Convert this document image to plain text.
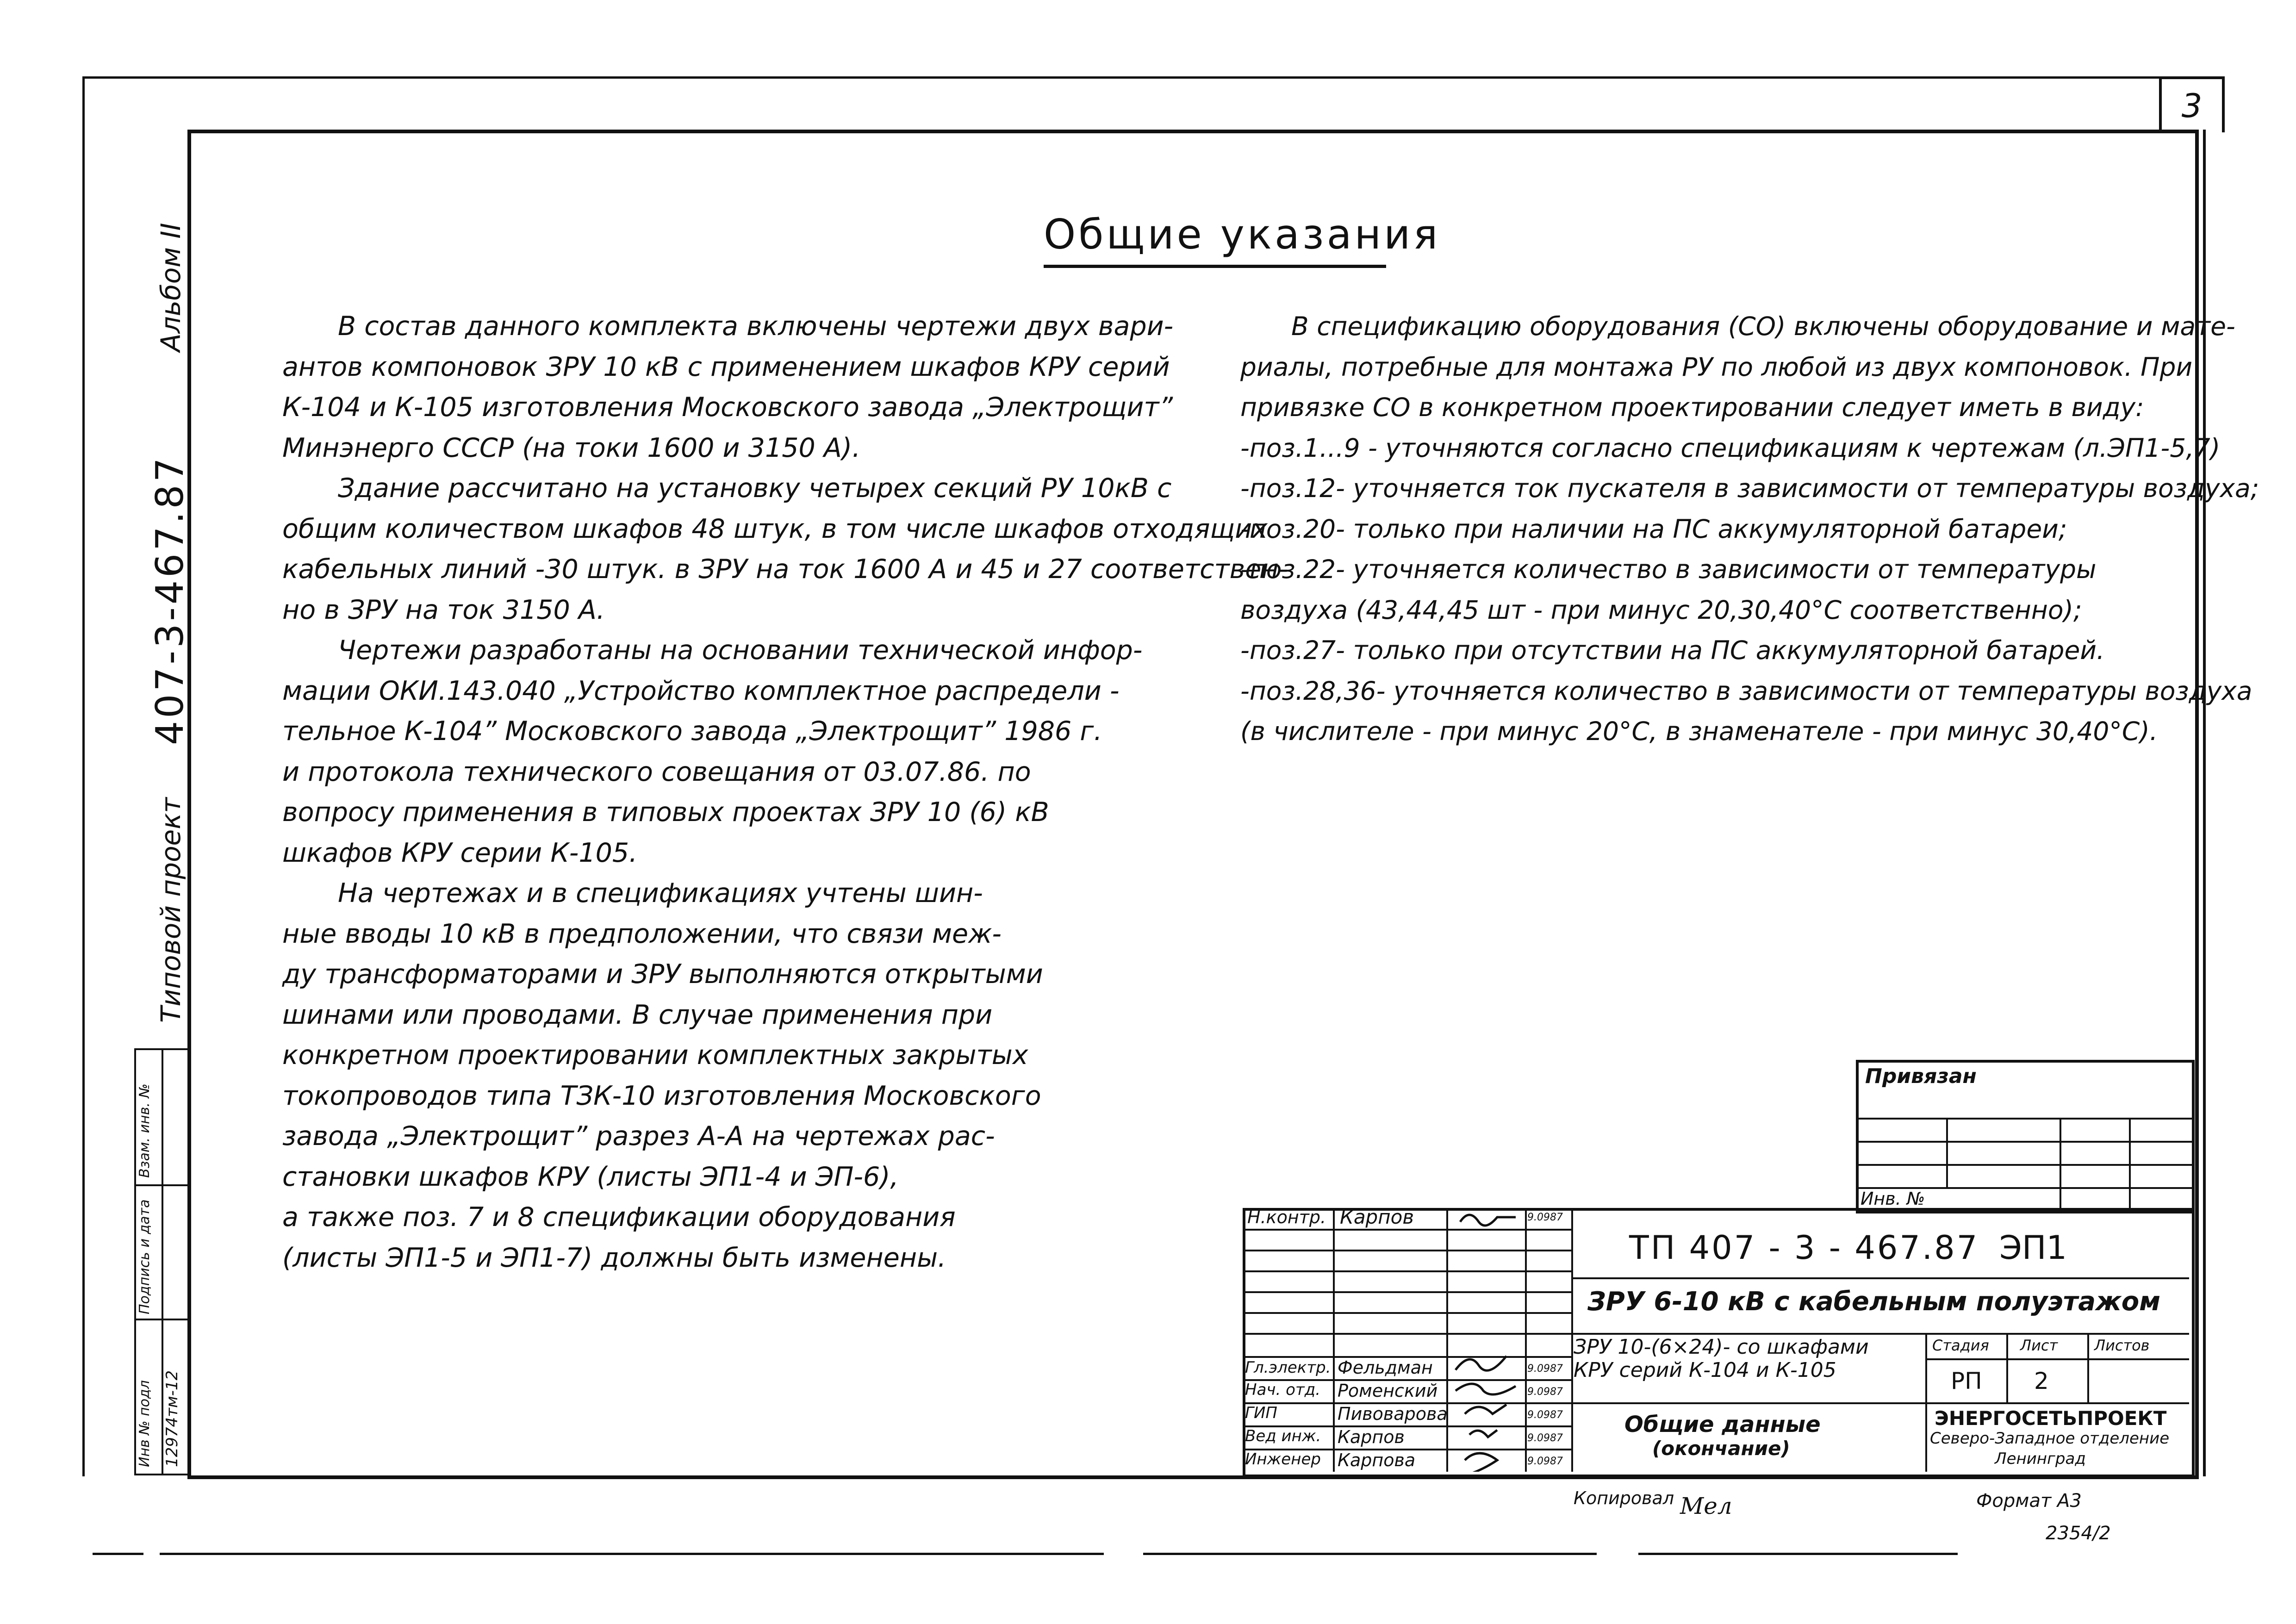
3
Альбом II
407-3-467.87
Типовой проект
Взам. инв. №
Подпись и дата
Инв № подл 12974тм-12
Общие указания

В состав данного комплекта включены чертежи двух вари-

антов компоновок ЗРУ 10 кВ с применением шкафов КРУ серий

К-104 и К-105 изготовления Московского завода „Электрощит”

Минэнерго СССР (на токи 1600 и 3150 А).

Здание рассчитано на установку четырех секций РУ 10кВ с

общим количеством шкафов 48 штук, в том числе шкафов отходящих

кабельных линий -30 штук. в ЗРУ на ток 1600 А и 45 и 27 соответствен-

но в ЗРУ на ток 3150 А.

Чертежи разработаны на основании технической инфор-

мации ОКИ.143.040 „Устройство комплектное распредели -

тельное К-104” Московского завода „Электрощит” 1986 г.

и протокола технического совещания от 03.07.86. по

вопросу применения в типовых проектах ЗРУ 10 (6) кВ

шкафов КРУ серии К-105.

На чертежах и в спецификациях учтены шин-

ные вводы 10 кВ в предположении, что связи меж-

ду трансформаторами и ЗРУ выполняются открытыми

шинами или проводами. В случае применения при

конкретном проектировании комплектных закрытых

токопроводов типа ТЗК-10 изготовления Московского

завода „Электрощит” разрез А-А на чертежах рас-

становки шкафов КРУ (листы ЭП1-4 и ЭП-6),

а также поз. 7 и 8 спецификации оборудования

(листы ЭП1-5 и ЭП1-7) должны быть изменены.

В спецификацию оборудования (СО) включены оборудование и мате-

риалы, потребные для монтажа РУ по любой из двух компоновок. При

привязке СО в конкретном проектировании следует иметь в виду:

-поз.1...9 - уточняются согласно спецификациям к чертежам (л.ЭП1-5,7)

-поз.12- уточняется ток пускателя в зависимости от температуры воздуха;

-поз.20- только при наличии на ПС аккумуляторной батареи;

-поз.22- уточняется количество в зависимости от температуры

воздуха (43,44,45 шт - при минус 20,30,40°С соответственно);

-поз.27- только при отсутствии на ПС аккумуляторной батарей.

-поз.28,36- уточняется количество в зависимости от температуры воздуха

(в числителе - при минус 20°С, в знаменателе - при минус 30,40°С).

Привязан
Инв. №
Н.контр. Карпов	9.0987
Гл.электр. Фельдман	9.0987
Нач. отд. Роменский	9.0987
ГИП	Пивоварова	9.0987
Вед инж. Карпов	9.0987
Инженер Карпова	9.0987
ТП 407 - 3 - 467.87 ЭП1
ЗРУ 6-10 кВ с кабельным полуэтажом
ЗРУ 10-(6×24)- со шкафами
КРУ серий К-104 и К-105
Общие данные
(окончание)
Стадия Лист Листов
РП 2
ЭНЕРГОСЕТЬПРОЕКТ
Северо-Западное отделение
Ленинград
Копировал Мел	Формат А3
2354/2
